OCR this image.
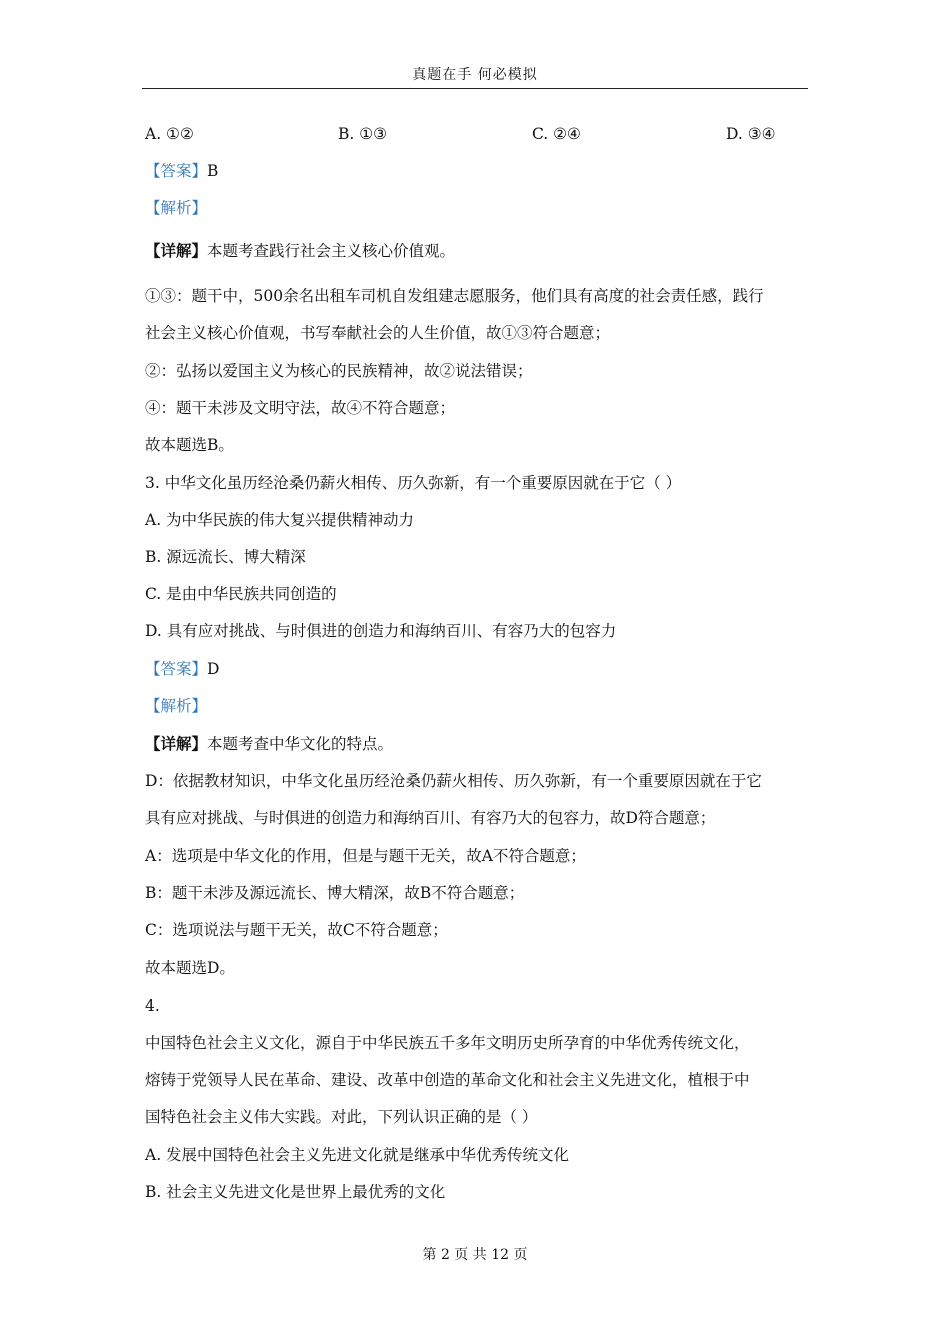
真题在手 何必模拟
A. ①②	B. ①③	C. ②④	D. ③④
【答案】B
【解析】
【详解】本题考查践行社会主义核心价值观。
①③：题干中，500余名出租车司机自发组建志愿服务，他们具有高度的社会责任感，践行
社会主义核心价值观，书写奉献社会的人生价值，故①③符合题意；
②：弘扬以爱国主义为核心的民族精神，故②说法错误；
④：题干未涉及文明守法，故④不符合题意；
故本题选B。
3. 中华文化虽历经沧桑仍薪火相传、历久弥新，有一个重要原因就在于它（ ）
A. 为中华民族的伟大复兴提供精神动力
B. 源远流长、博大精深
C. 是由中华民族共同创造的
D. 具有应对挑战、与时俱进的创造力和海纳百川、有容乃大的包容力
【答案】D
【解析】
【详解】本题考查中华文化的特点。
D：依据教材知识，中华文化虽历经沧桑仍薪火相传、历久弥新，有一个重要原因就在于它
具有应对挑战、与时俱进的创造力和海纳百川、有容乃大的包容力，故D符合题意；
A：选项是中华文化的作用，但是与题干无关，故A不符合题意；
B：题干未涉及源远流长、博大精深，故B不符合题意；
C：选项说法与题干无关，故C不符合题意；
故本题选D。
4.
中国特色社会主义文化，源自于中华民族五千多年文明历史所孕育的中华优秀传统文化，
熔铸于党领导人民在革命、建设、改革中创造的革命文化和社会主义先进文化，植根于中
国特色社会主义伟大实践。对此，下列认识正确的是（ ）
A. 发展中国特色社会主义先进文化就是继承中华优秀传统文化
B. 社会主义先进文化是世界上最优秀的文化
第 2 页 共 12 页
